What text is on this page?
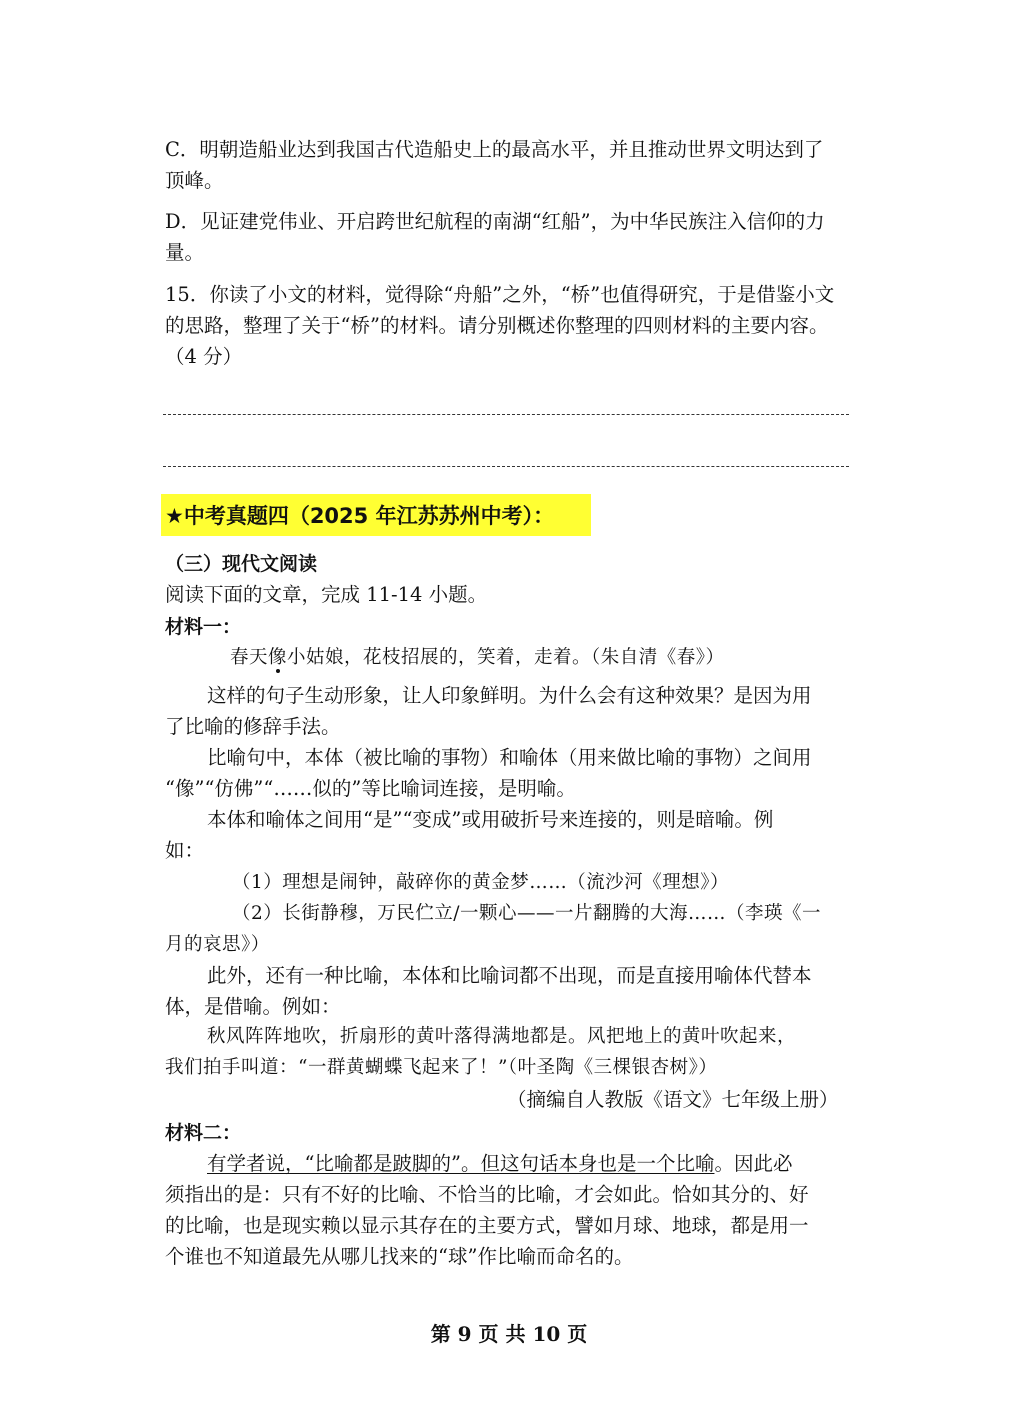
C．明朝造船业达到我国古代造船史上的最高水平，并且推动世界文明达到了
顶峰。
D．见证建党伟业、开启跨世纪航程的南湖“红船”，为中华民族注入信仰的力
量。
15．你读了小文的材料，觉得除“舟船”之外，“桥”也值得研究，于是借鉴小文
的思路，整理了关于“桥”的材料。请分别概述你整理的四则材料的主要内容。
（4 分）
★中考真题四（2025 年江苏苏州中考）：
（三）现代文阅读
阅读下面的文章，完成 11-14 小题。
材料一：
春天像小姑娘，花枝招展的，笑着，走着。（朱自清《春》）
这样的句子生动形象，让人印象鲜明。为什么会有这种效果？是因为用
了比喻的修辞手法。
比喻句中，本体（被比喻的事物）和喻体（用来做比喻的事物）之间用
“像”“仿佛”“……似的”等比喻词连接，是明喻。
本体和喻体之间用“是”“变成”或用破折号来连接的，则是暗喻。例
如：
（1）理想是闹钟，敲碎你的黄金梦……（流沙河《理想》）
（2）长街静穆，万民伫立/一颗心——一片翻腾的大海……（李瑛《一
月的哀思》）
此外，还有一种比喻，本体和比喻词都不出现，而是直接用喻体代替本
体，是借喻。例如：
秋风阵阵地吹，折扇形的黄叶落得满地都是。风把地上的黄叶吹起来，
我们拍手叫道：“一群黄蝴蝶飞起来了！”（叶圣陶《三棵银杏树》）
（摘编自人教版《语文》七年级上册）
材料二：
有学者说，“比喻都是跛脚的”。但这句话本身也是一个比喻。因此必
须指出的是：只有不好的比喻、不恰当的比喻，才会如此。恰如其分的、好
的比喻，也是现实赖以显示其存在的主要方式，譬如月球、地球，都是用一
个谁也不知道最先从哪儿找来的“球”作比喻而命名的。
第 9 页 共 10 页
